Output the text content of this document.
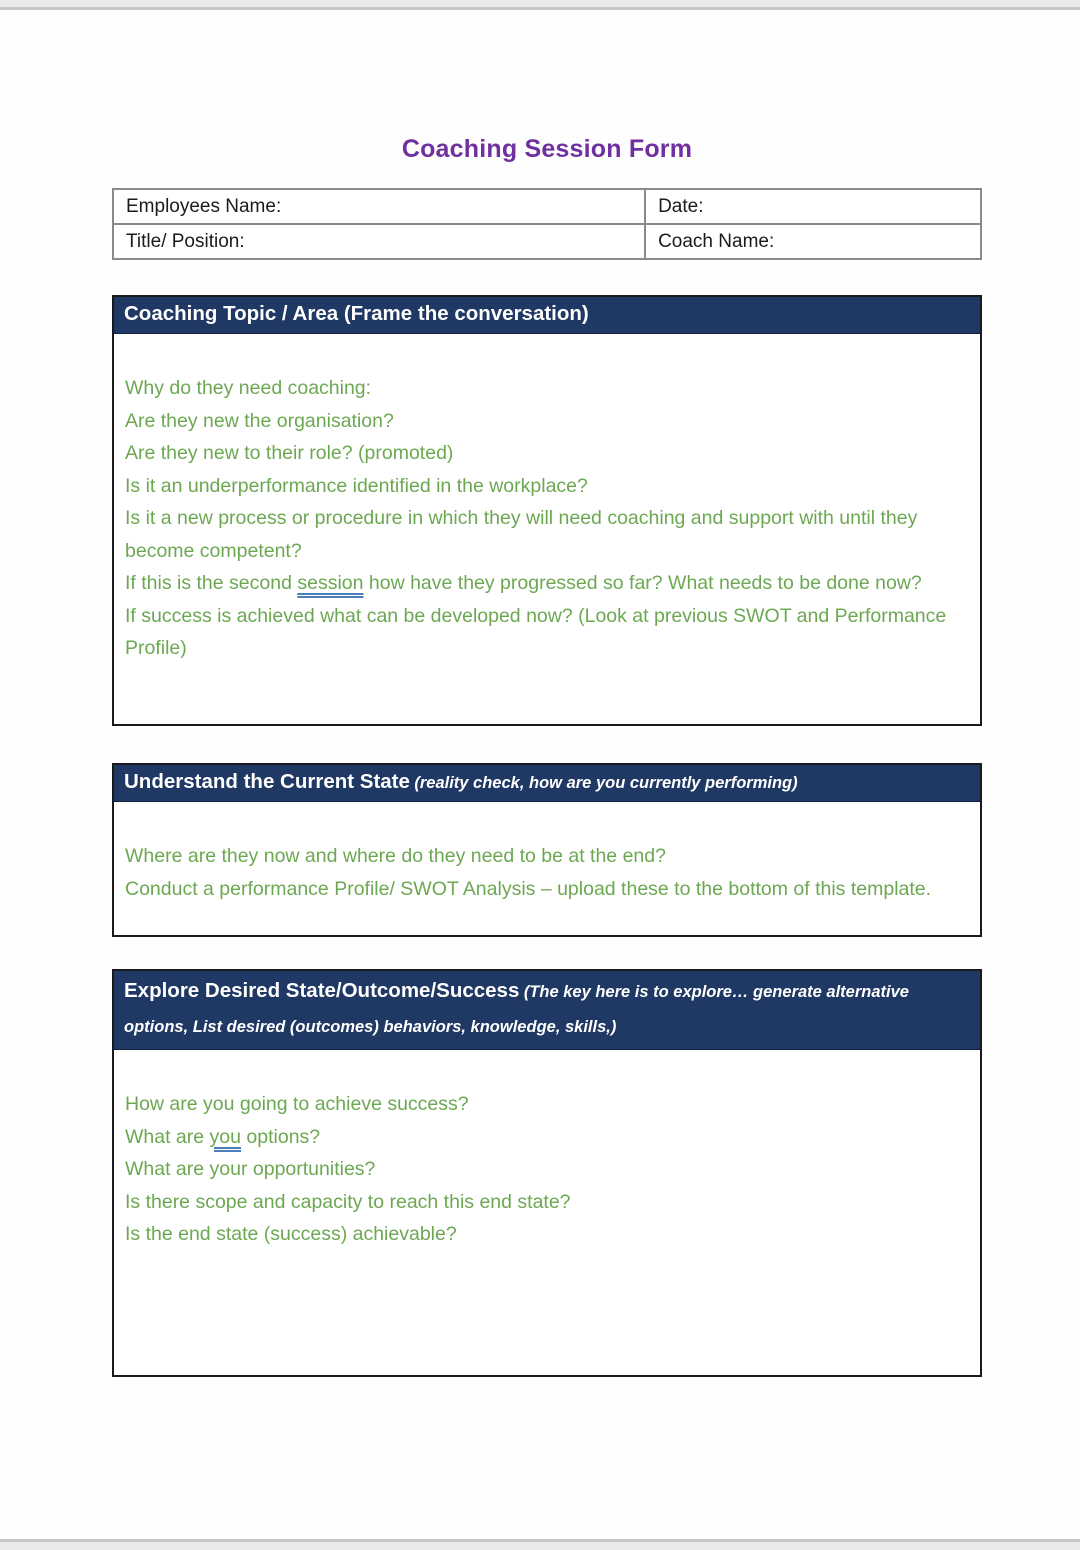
Coaching Session Form
Employees Name:	Date:
Title/ Position:	Coach Name:
Coaching Topic / Area (Frame the conversation)

Why do they need coaching:

Are they new the organisation?

Are they new to their role? (promoted)

Is it an underperformance identified in the workplace?

Is it a new process or procedure in which they will need coaching and support with until they become competent?

If this is the second session how have they progressed so far? What needs to be done now?

If success is achieved what can be developed now? (Look at previous SWOT and Performance Profile)

Understand the Current State (reality check, how are you currently performing)

Where are they now and where do they need to be at the end?

Conduct a performance Profile/ SWOT Analysis – upload these to the bottom of this template.

Explore Desired State/Outcome/Success (The key here is to explore… generate alternative options, List desired (outcomes) behaviors, knowledge, skills,)

How are you going to achieve success?

What are you options?

What are your opportunities?

Is there scope and capacity to reach this end state?

Is the end state (success) achievable?
